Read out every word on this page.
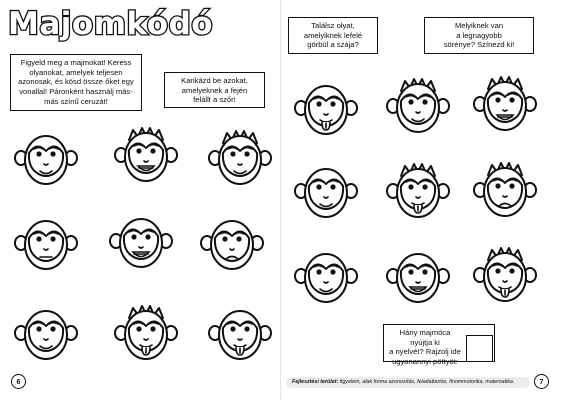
Majomkódó
Figyeld meg a majmokat! Keress
olyanokat, amelyek teljesen
azonosak, és kösd össze őket egy
vonallal! Páronként használj más-
más színű ceruzát!
Karikázd be azokat,
amelyeknek a fején
felállt a szőr!
Találsz olyat,
amelyiknek lefelé
görbül a szája?
Melyiknek van
a legnagyobb
sörénye? Színezd ki!
Hány majmóca nyújtja ki
a nyelvét? Rajzolj ide
ugyanannyi pöttyöt:
6	7
Fejlesztési terület: figyelem, alak forma azonosítás, feladattartás, finommotorika, matematika.
